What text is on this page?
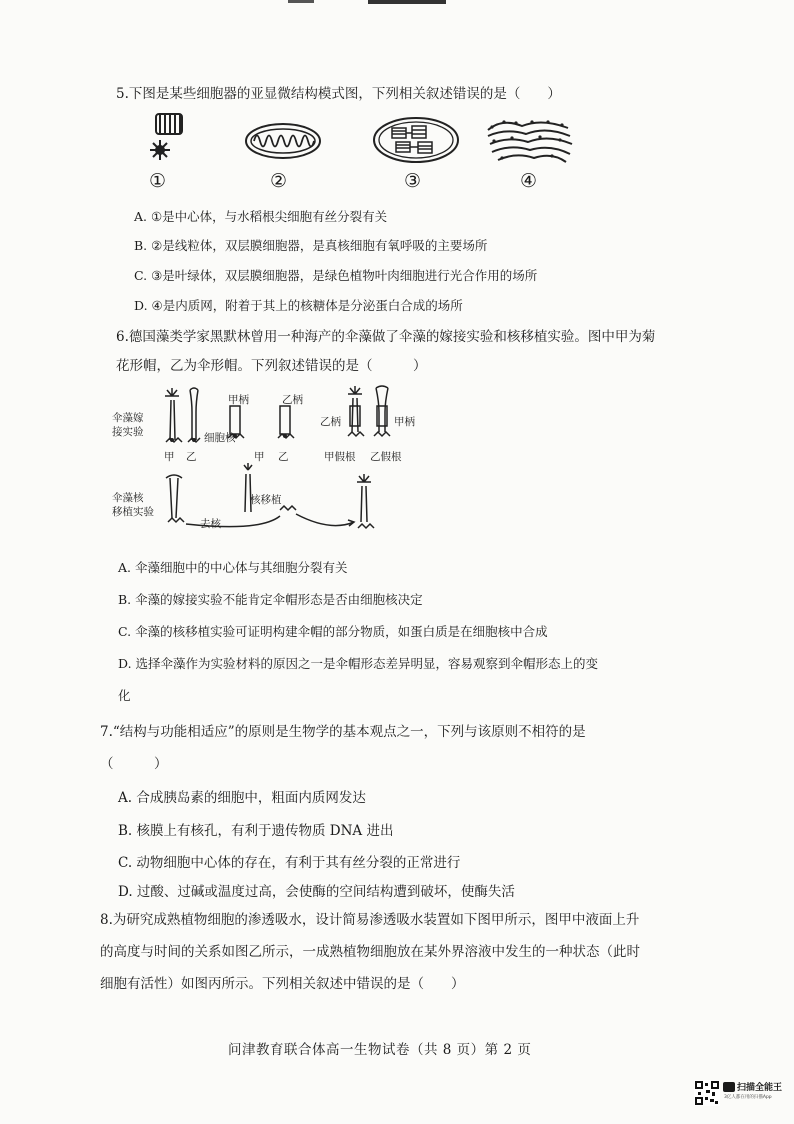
5.下图是某些细胞器的亚显微结构模式图，下列相关叙述错误的是（　　）
①	②	③	④
A. ①是中心体，与水稻根尖细胞有丝分裂有关
B. ②是线粒体，双层膜细胞器，是真核细胞有氧呼吸的主要场所
C. ③是叶绿体，双层膜细胞器，是绿色植物叶肉细胞进行光合作用的场所
D. ④是内质网，附着于其上的核糖体是分泌蛋白合成的场所
6.德国藻类学家黑默林曾用一种海产的伞藻做了伞藻的嫁接实验和核移植实验。图中甲为菊
花形帽，乙为伞形帽。下列叙述错误的是（　　　）
伞藻嫁
接实验
伞藻核
移植实验
甲 乙
细胞核
甲柄	乙柄
甲 乙
乙柄	甲柄
甲假根 乙假根
核移植
去核
A. 伞藻细胞中的中心体与其细胞分裂有关
B. 伞藻的嫁接实验不能肯定伞帽形态是否由细胞核决定
C. 伞藻的核移植实验可证明构建伞帽的部分物质，如蛋白质是在细胞核中合成
D. 选择伞藻作为实验材料的原因之一是伞帽形态差异明显，容易观察到伞帽形态上的变
化
7.“结构与功能相适应”的原则是生物学的基本观点之一，下列与该原则不相符的是
（　　　）
A. 合成胰岛素的细胞中，粗面内质网发达
B. 核膜上有核孔，有利于遗传物质 DNA 进出
C. 动物细胞中心体的存在，有利于其有丝分裂的正常进行
D. 过酸、过碱或温度过高，会使酶的空间结构遭到破坏，使酶失活
8.为研究成熟植物细胞的渗透吸水，设计简易渗透吸水装置如下图甲所示，图甲中液面上升
的高度与时间的关系如图乙所示，一成熟植物细胞放在某外界溶液中发生的一种状态（此时
细胞有活性）如图丙所示。下列相关叙述中错误的是（　　）
问津教育联合体高一生物试卷（共 8 页）第 2 页
扫描全能王
3亿人都在用的扫描App
